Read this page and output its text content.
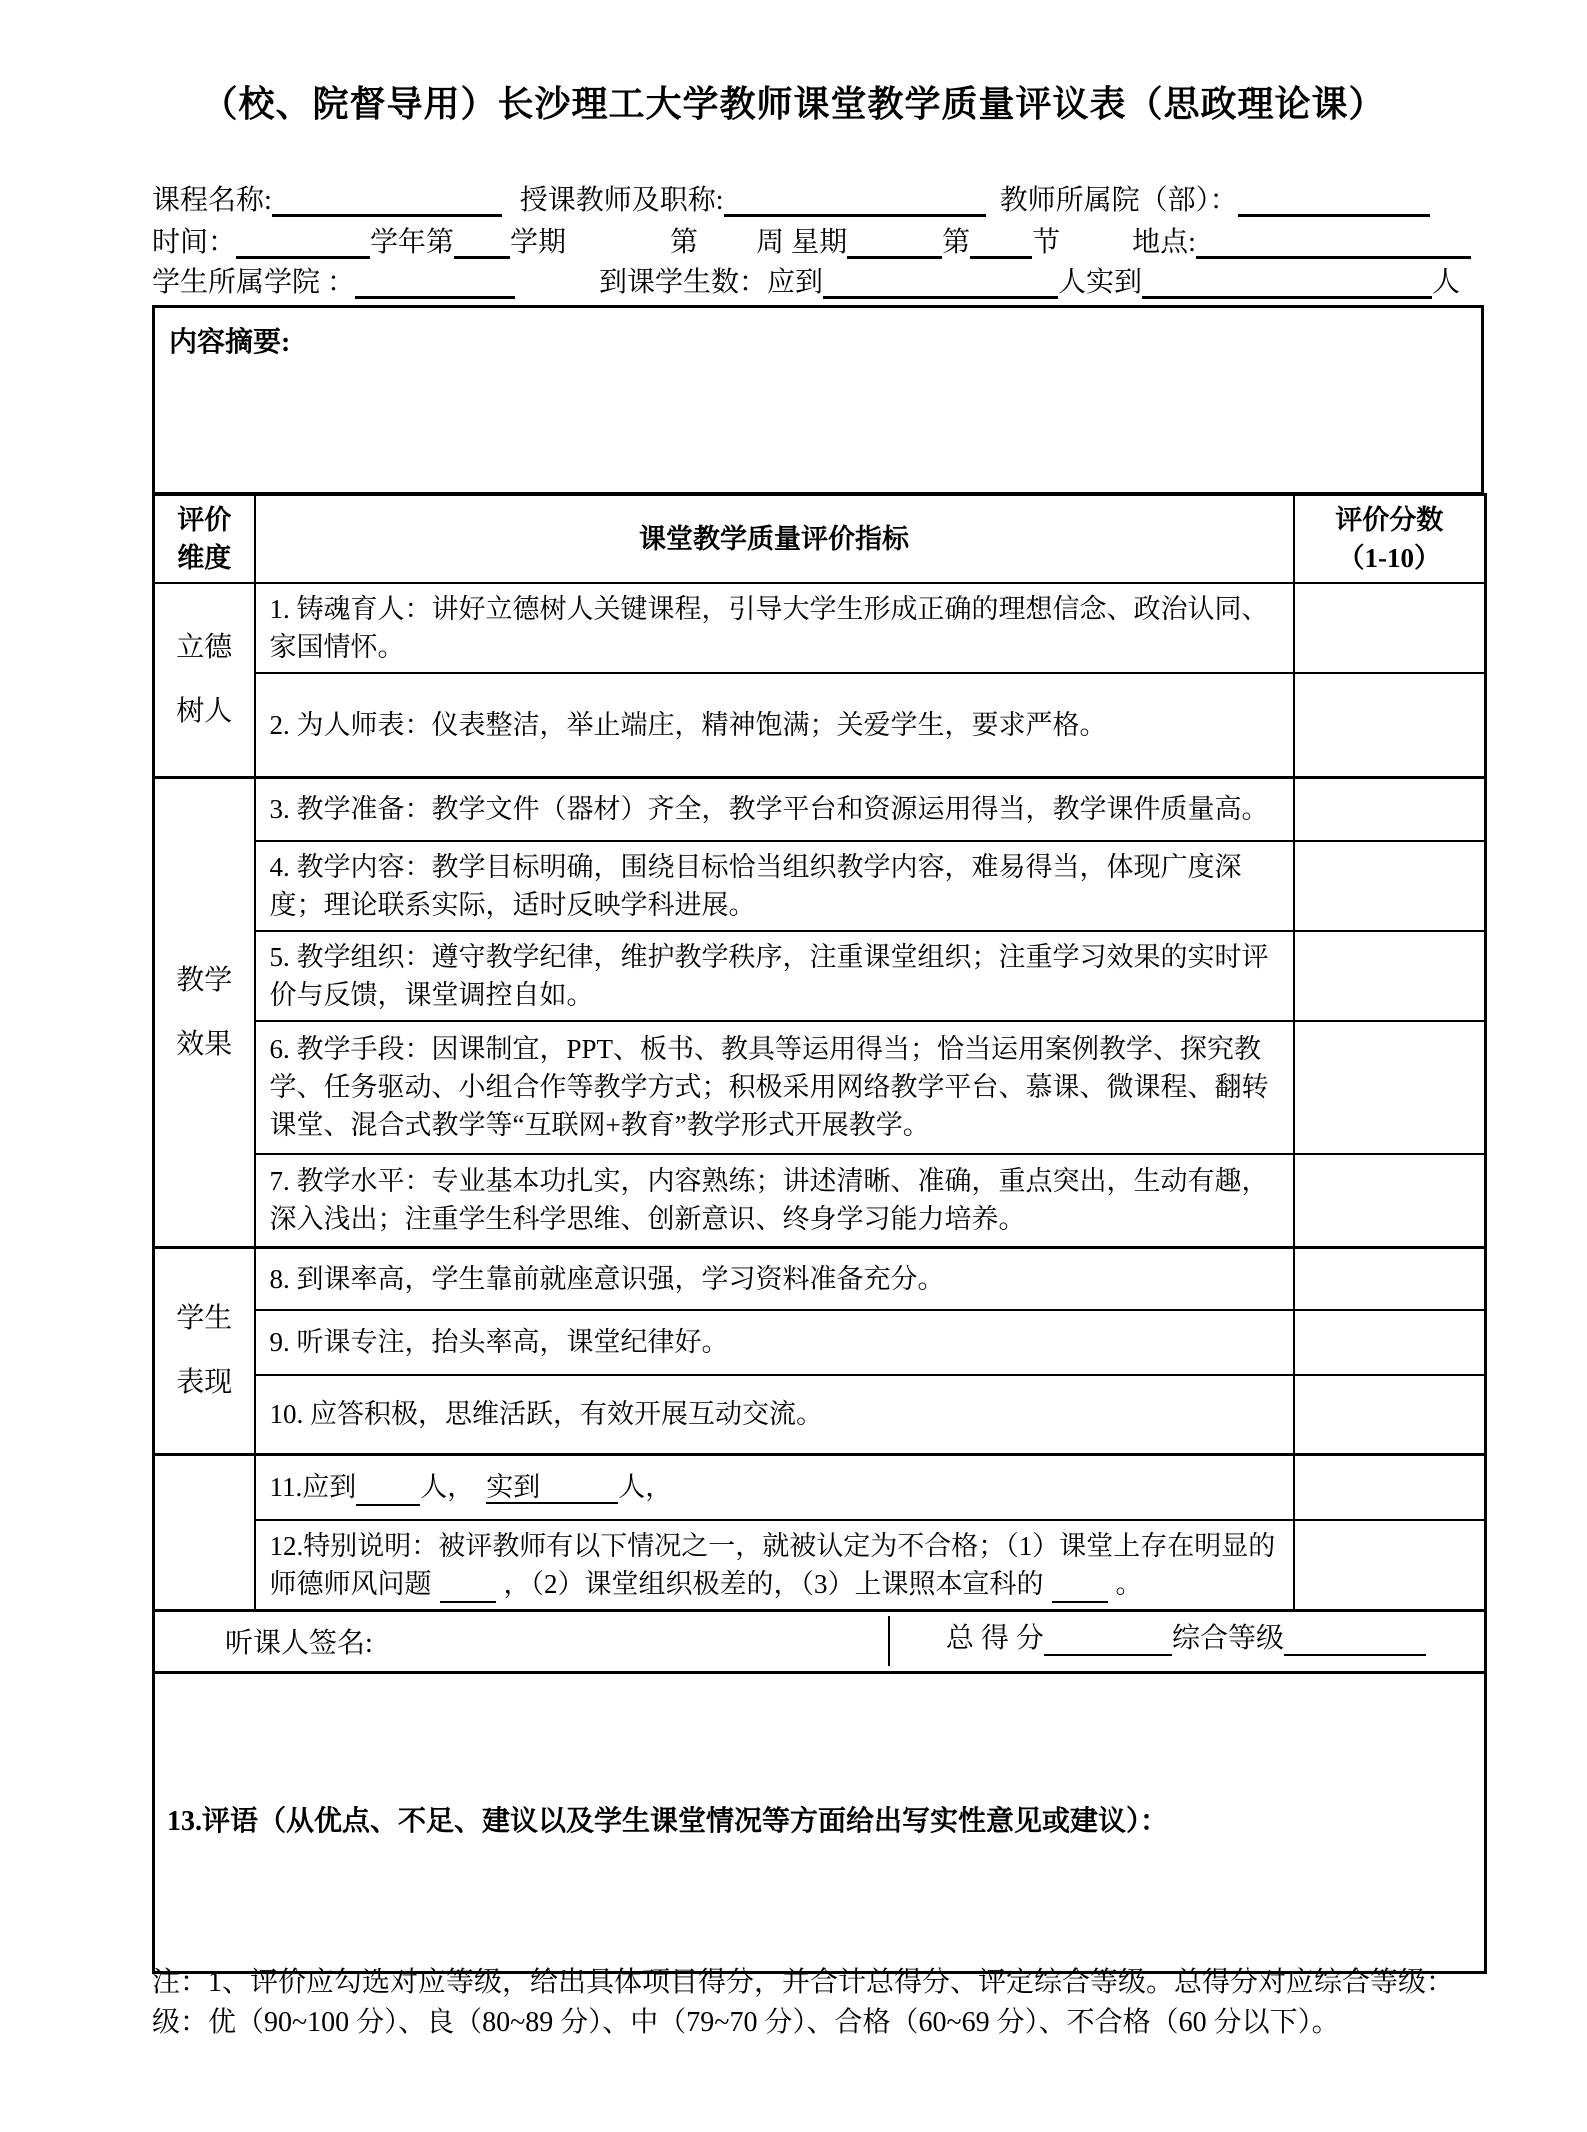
（校、院督导用）长沙理工大学教师课堂教学质量评议表（思政理论课）
课程名称:	授课教师及职称:	教师所属院（部）：
时间：	学年第 学期	第 周 星期	第 节	地点:
学生所属学院 ：	到课学生数：应到	人实到	人
内容摘要:
评价
维度
	课堂教学质量评价指标	
评价分数
（1-10）

立德
树人	1. 铸魂育人：讲好立德树人关键课程，引导大学生形成正确的理想信念、政治认同、家国情怀。	
	2. 为人师表：仪表整洁，举止端庄，精神饱满；关爱学生，要求严格。	

教学
效果	3. 教学准备：教学文件（器材）齐全，教学平台和资源运用得当，教学课件质量高。	
	4. 教学内容：教学目标明确，围绕目标恰当组织教学内容，难易得当，体现广度深度；理论联系实际，适时反映学科进展。	
	5. 教学组织：遵守教学纪律，维护教学秩序，注重课堂组织；注重学习效果的实时评价与反馈，课堂调控自如。	
	6. 教学手段：因课制宜，PPT、板书、教具等运用得当；恰当运用案例教学、探究教学、任务驱动、小组合作等教学方式；积极采用网络教学平台、慕课、微课程、翻转课堂、混合式教学等“互联网+教育”教学形式开展教学。	
	7. 教学水平：专业基本功扎实，内容熟练；讲述清晰、准确，重点突出，生动有趣，深入浅出；注重学生科学思维、创新意识、终身学习能力培养。	

学生
表现	8. 到课率高，学生靠前就座意识强，学习资料准备充分。	
	9. 听课专注，抬头率高，课堂纪律好。	
	10. 应答积极，思维活跃，有效开展互动交流。	
	11.应到 人， 实到 人，	
	12.特别说明：被评教师有以下情况之一，就被认定为不合格；（1）课堂上存在明显的师德师风问题 ，（2）课堂组织极差的，（3）上课照本宣科的 。	

听课人签名: 总 得 分 综合等级		

13.评语（从优点、不足、建议以及学生课堂情况等方面给出写实性意见或建议）：		
注：1、评价应勾选对应等级，给出具体项目得分，并合计总得分、评定综合等级。总得分对应综合等级：
级：优（90~100 分）、良（80~89 分）、中（79~70 分）、合格（60~69 分）、不合格（60 分以下）。
